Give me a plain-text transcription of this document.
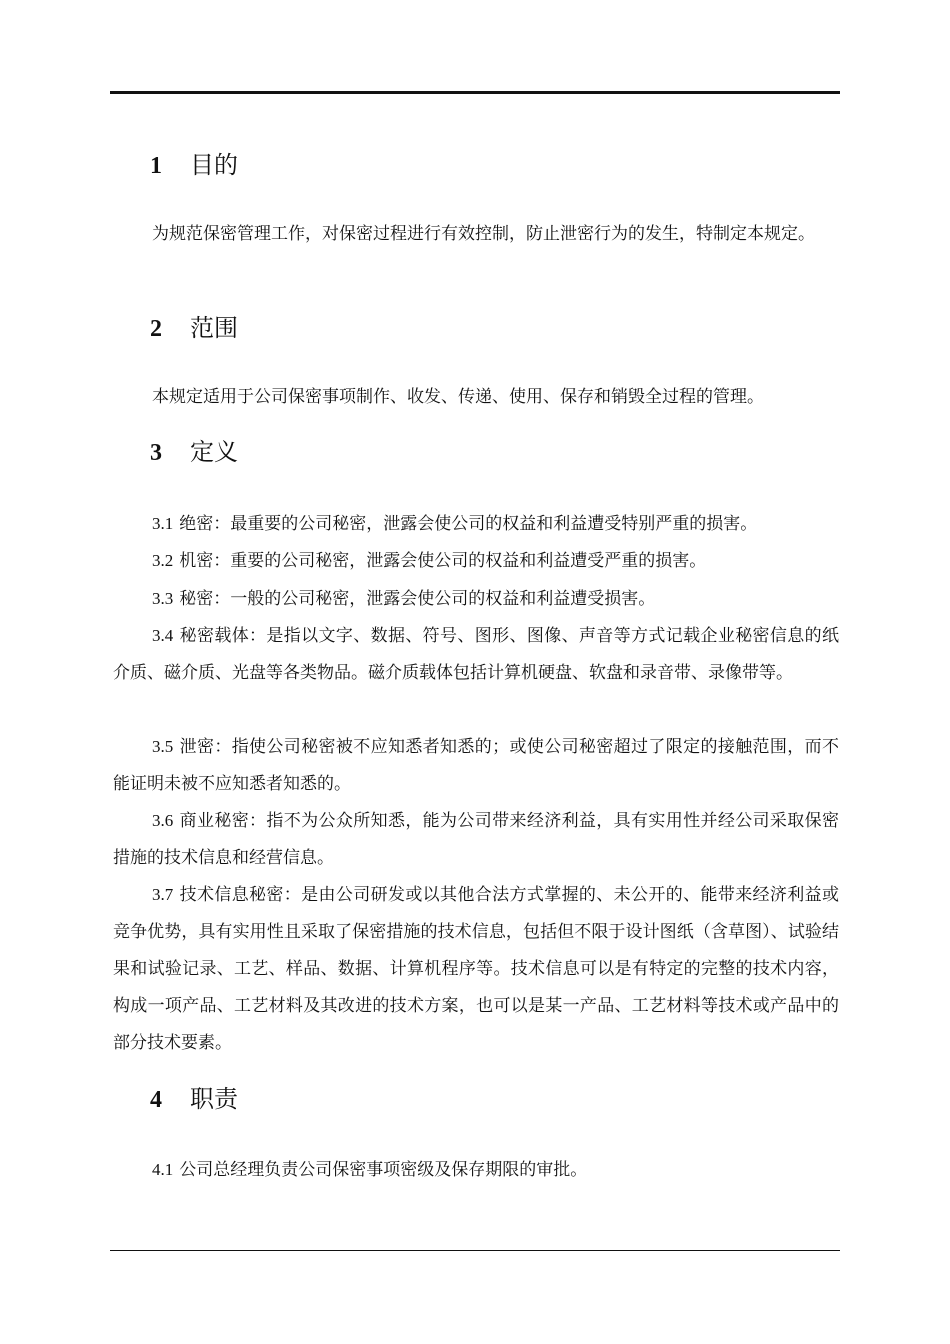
1 目的
为规范保密管理工作，对保密过程进行有效控制，防止泄密行为的发生，特制定本规定。
2 范围
本规定适用于公司保密事项制作、收发、传递、使用、保存和销毁全过程的管理。
3 定义
3.1 绝密：最重要的公司秘密，泄露会使公司的权益和利益遭受特别严重的损害。
3.2 机密：重要的公司秘密，泄露会使公司的权益和利益遭受严重的损害。
3.3 秘密：一般的公司秘密，泄露会使公司的权益和利益遭受损害。
3.4 秘密载体：是指以文字、数据、符号、图形、图像、声音等方式记载企业秘密信息的纸介质、磁介质、光盘等各类物品。磁介质载体包括计算机硬盘、软盘和录音带、录像带等。
3.5 泄密：指使公司秘密被不应知悉者知悉的；或使公司秘密超过了限定的接触范围，而不能证明未被不应知悉者知悉的。
3.6 商业秘密：指不为公众所知悉，能为公司带来经济利益，具有实用性并经公司采取保密措施的技术信息和经营信息。
3.7 技术信息秘密：是由公司研发或以其他合法方式掌握的、未公开的、能带来经济利益或竞争优势，具有实用性且采取了保密措施的技术信息，包括但不限于设计图纸（含草图）、试验结果和试验记录、工艺、样品、数据、计算机程序等。技术信息可以是有特定的完整的技术内容，构成一项产品、工艺材料及其改进的技术方案，也可以是某一产品、工艺材料等技术或产品中的部分技术要素。
4 职责
4.1 公司总经理负责公司保密事项密级及保存期限的审批。
